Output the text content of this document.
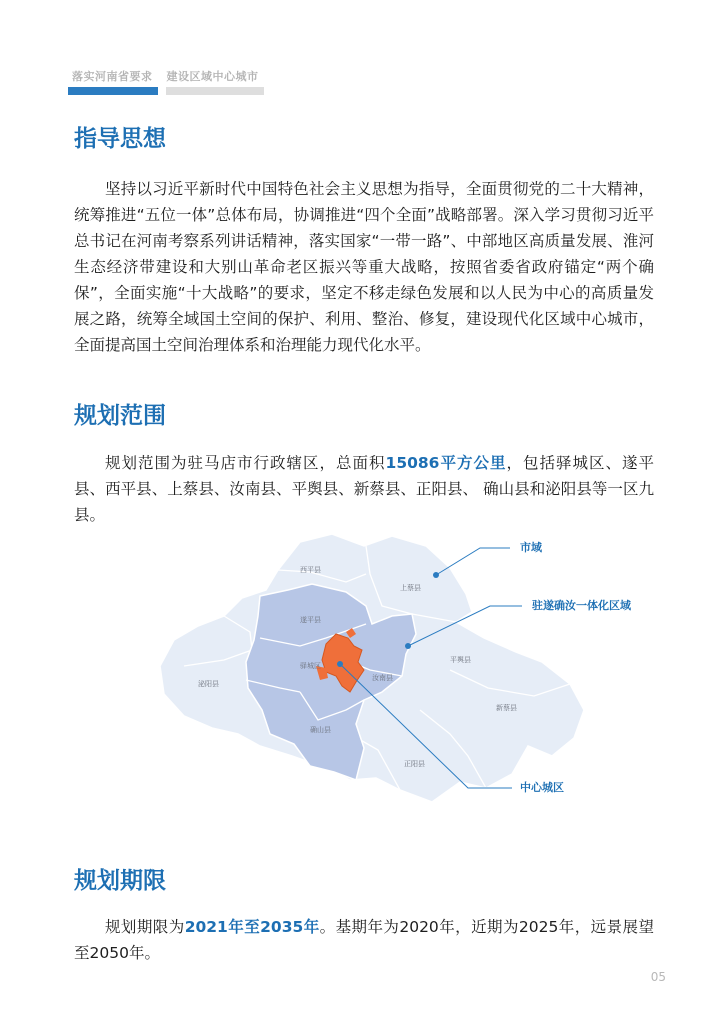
落实河南省要求 建设区域中心城市
指导思想

坚持以习近平新时代中国特色社会主义思想为指导，全面贯彻党的二十大精神，统筹推进“五位一体”总体布局，协调推进“四个全面”战略部署。深入学习贯彻习近平总书记在河南考察系列讲话精神，落实国家“一带一路”、中部地区高质量发展、淮河生态经济带建设和大别山革命老区振兴等重大战略，按照省委省政府锚定“两个确保”，全面实施“十大战略”的要求，坚定不移走绿色发展和以人民为中心的高质量发展之路，统筹全域国土空间的保护、利用、整治、修复，建设现代化区域中心城市，全面提高国土空间治理体系和治理能力现代化水平。

规划范围

规划范围为驻马店市行政辖区，总面积15086平方公里，包括驿城区、遂平县、西平县、上蔡县、汝南县、平舆县、新蔡县、正阳县、 确山县和泌阳县等一区九县。

西平县
上蔡县
遂平县
驿城区
汝南县
平舆县
泌阳县
确山县
正阳县
新蔡县
市域
驻遂确汝一体化区域
中心城区
规划期限

规划期限为2021年至2035年。基期年为2020年，近期为2025年，远景展望至2050年。

05
